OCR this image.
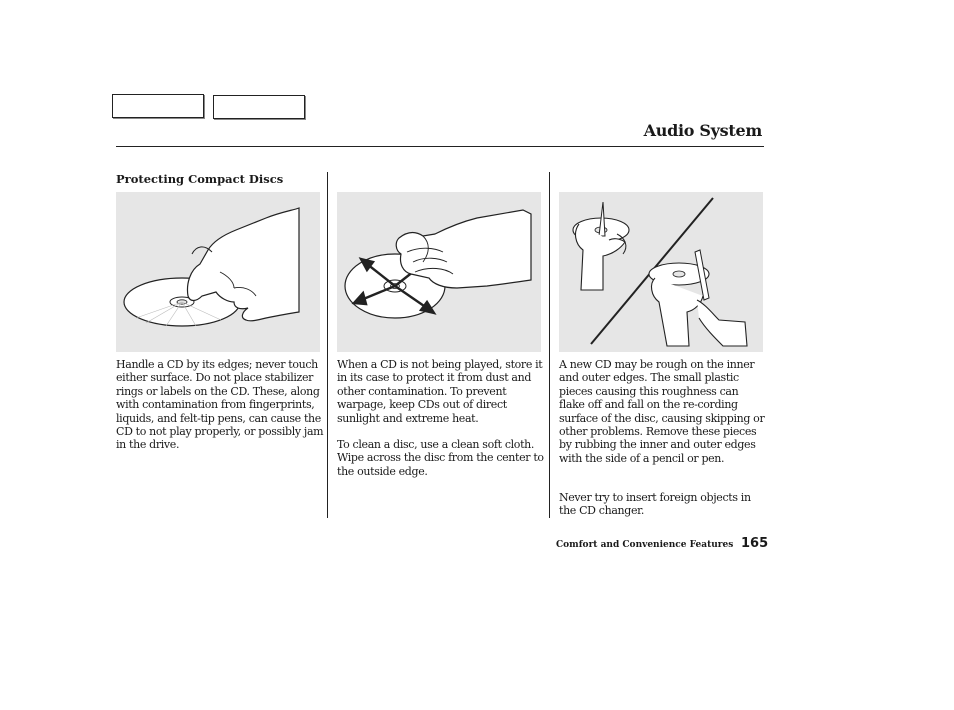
Audio System
Protecting Compact Discs

Handle a CD by its edges; never touch either surface. Do not place stabilizer rings or labels on the CD. These, along with contamination from fingerprints, liquids, and felt-tip pens, can cause the CD to not play properly, or possibly jam in the drive.

When a CD is not being played, store it in its case to protect it from dust and other contamination. To prevent warpage, keep CDs out of direct sunlight and extreme heat.

To clean a disc, use a clean soft cloth. Wipe across the disc from the center to the outside edge.

A new CD may be rough on the inner and outer edges. The small plastic pieces causing this roughness can flake off and fall on the re-cording surface of the disc, causing skipping or other problems. Remove these pieces by rubbing the inner and outer edges with the side of a pencil or pen.

Never try to insert foreign objects in the CD changer.

Comfort and Convenience Features 165
